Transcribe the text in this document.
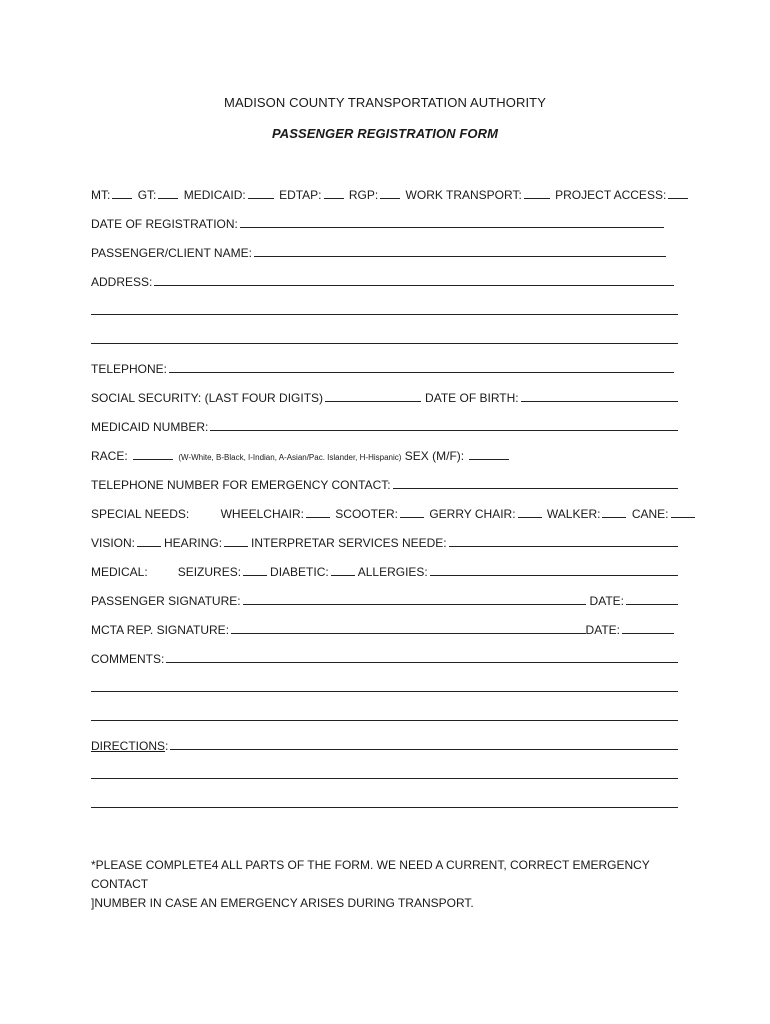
MADISON COUNTY TRANSPORTATION AUTHORITY
PASSENGER REGISTRATION FORM
MT: GT: MEDICAID:	EDTAP: RGP: WORK TRANSPORT:	PROJECT ACCESS:
DATE OF REGISTRATION:
PASSENGER/CLIENT NAME:
ADDRESS:
TELEPHONE:
SOCIAL SECURITY: (LAST FOUR DIGITS)	DATE OF BIRTH:
MEDICAID NUMBER:
RACE:	(W-White, B-Black, I-Indian, A-Asian/Pac. Islander, H-Hispanic) SEX (M/F):
TELEPHONE NUMBER FOR EMERGENCY CONTACT:
SPECIAL NEEDS:	WHEELCHAIR:	SCOOTER:	GERRY CHAIR:	WALKER:	CANE:
VISION: HEARING: INTERPRETAR SERVICES NEEDE:
MEDICAL:	SEIZURES: DIABETIC: ALLERGIES:
PASSENGER SIGNATURE:	DATE:
MCTA REP. SIGNATURE:	DATE:
COMMENTS:
DIRECTIONS :
*PLEASE COMPLETE4 ALL PARTS OF THE FORM. WE NEED A CURRENT, CORRECT EMERGENCY CONTACT
]NUMBER IN CASE AN EMERGENCY ARISES DURING TRANSPORT.
